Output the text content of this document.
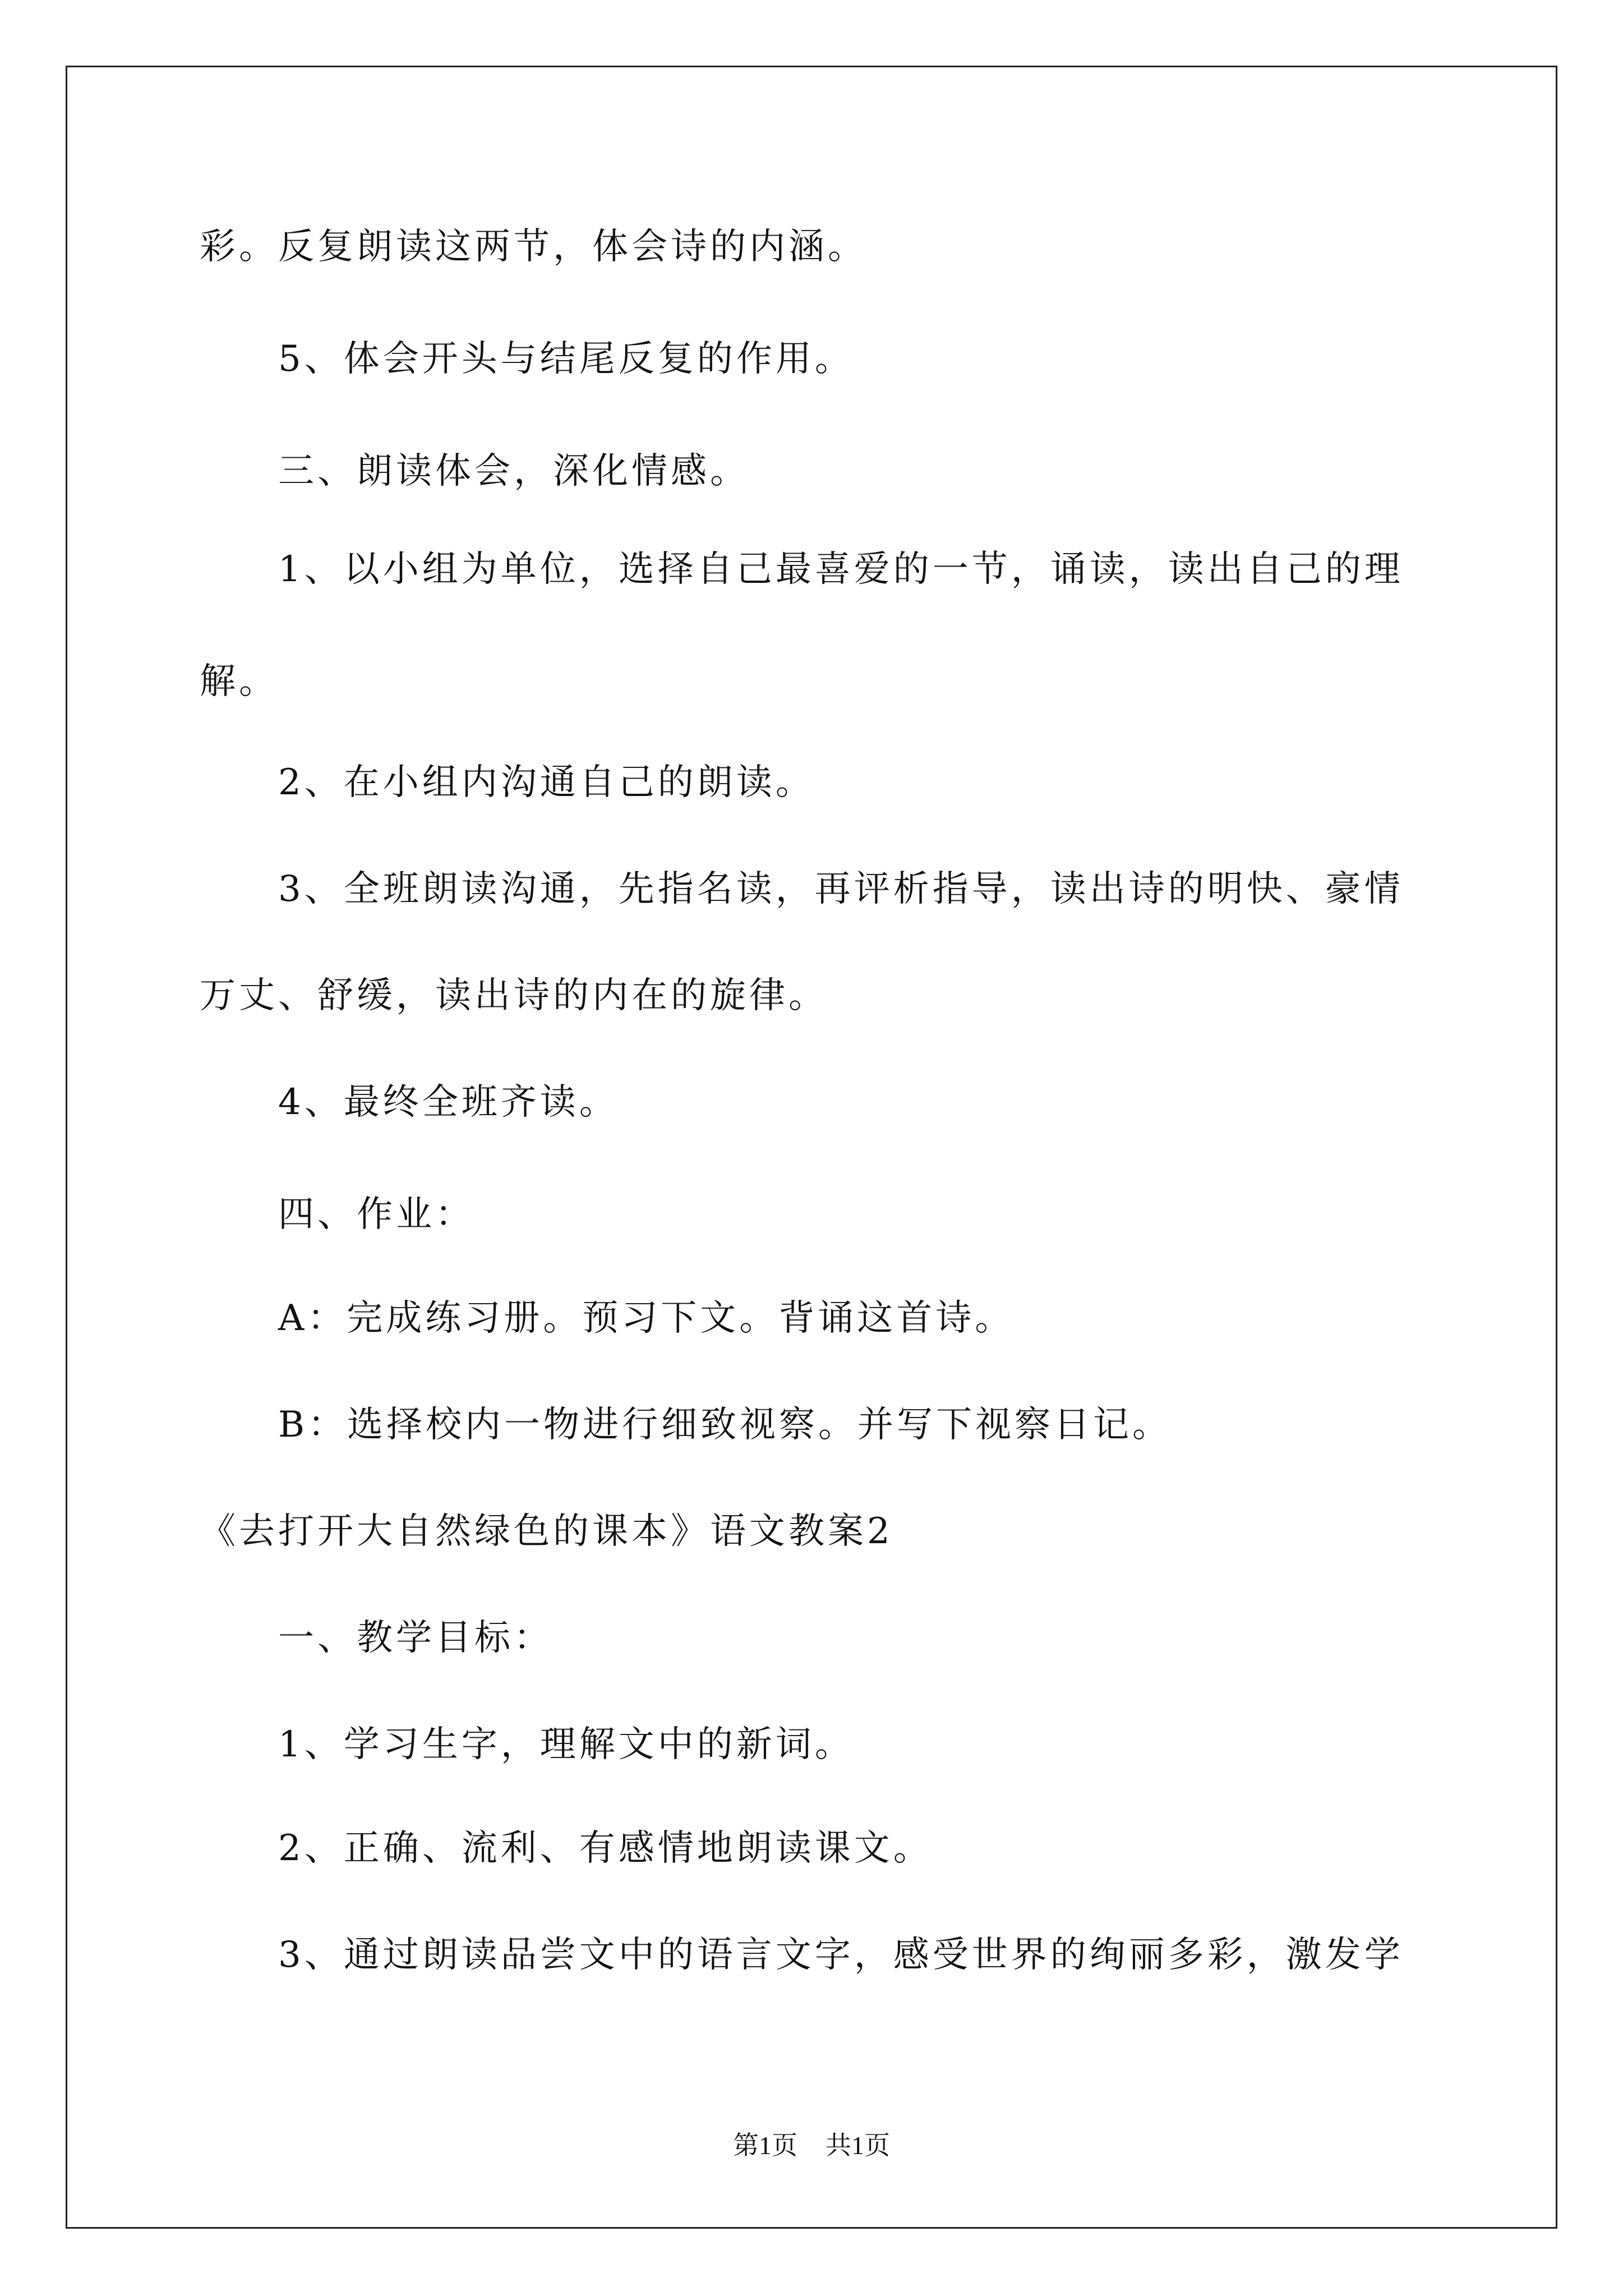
彩。反复朗读这两节，体会诗的内涵。
5、体会开头与结尾反复的作用。
三、朗读体会，深化情感。
1、以小组为单位，选择自己最喜爱的一节，诵读，读出自己的理
解。
2、在小组内沟通自己的朗读。
3、全班朗读沟通，先指名读，再评析指导，读出诗的明快、豪情
万丈、舒缓，读出诗的内在的旋律。
4、最终全班齐读。
四、作业：
A：完成练习册。预习下文。背诵这首诗。
B：选择校内一物进行细致视察。并写下视察日记。
《去打开大自然绿色的课本》语文教案2
一、教学目标：
1、学习生字，理解文中的新词。
2、正确、流利、有感情地朗读课文。
3、通过朗读品尝文中的语言文字，感受世界的绚丽多彩，激发学
第1页 共1页
